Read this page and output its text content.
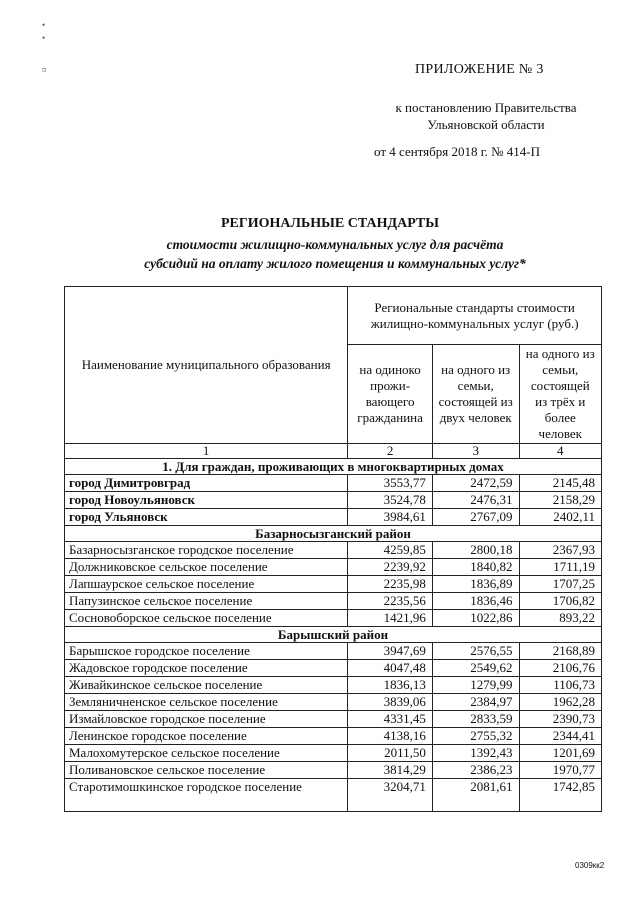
•
•
¤	ПРИЛОЖЕНИЕ № 3
к постановлению Правительства
Ульяновской области
от 4 сентября 2018 г. № 414-П
РЕГИОНАЛЬНЫЕ СТАНДАРТЫ
стоимости жилищно-коммунальных услуг для расчёта
субсидий на оплату жилого помещения и коммунальных услуг*
Наименование муниципального образования	Региональные стандарты стоимости жилищно-коммунальных услуг (руб.)		
	на одиноко прожи- вающего гражданина	на одного из семьи, состоящей из двух человек	на одного из семьи, состоящей из трёх и более человек
1	2	3	4
1. Для граждан, проживающих в многоквартирных домах			
город Димитровград	3553,77	2472,59	2145,48
город Новоульяновск	3524,78	2476,31	2158,29
город Ульяновск	3984,61	2767,09	2402,11
Базарносызганский район			
Базарносызганское городское поселение	4259,85	2800,18	2367,93
Должниковское сельское поселение	2239,92	1840,82	1711,19
Лапшаурское сельское поселение	2235,98	1836,89	1707,25
Папузинское сельское поселение	2235,56	1836,46	1706,82
Сосновоборское сельское поселение	1421,96	1022,86	893,22
Барышский район			
Барышское городское поселение	3947,69	2576,55	2168,89
Жадовское городское поселение	4047,48	2549,62	2106,76
Живайкинское сельское поселение	1836,13	1279,99	1106,73
Земляничненское сельское поселение	3839,06	2384,97	1962,28
Измайловское городское поселение	4331,45	2833,59	2390,73
Ленинское городское поселение	4138,16	2755,32	2344,41
Малохомутерское сельское поселение	2011,50	1392,43	1201,69
Поливановское сельское поселение	3814,29	2386,23	1970,77
Старотимошкинское городское поселение	3204,71	2081,61	1742,85
0309кк2
